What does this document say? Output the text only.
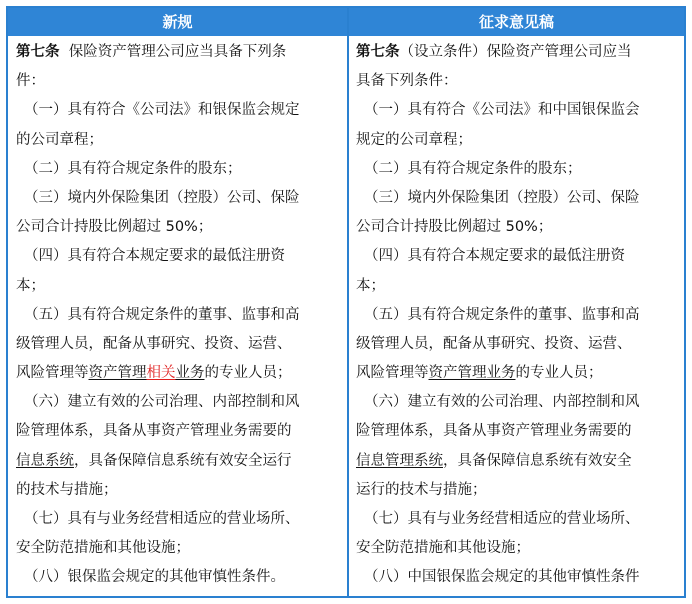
新规	征求意见稿
第七条 保险资产管理公司应当具备下列条
件：
（一）具有符合《公司法》和银保监会规定
的公司章程；
（二）具有符合规定条件的股东；
（三）境内外保险集团（控股）公司、保险
公司合计持股比例超过 50%；
（四）具有符合本规定要求的最低注册资
本；
（五）具有符合规定条件的董事、监事和高
级管理人员，配备从事研究、投资、运营、
风险管理等资产管理相关业务的专业人员；
（六）建立有效的公司治理、内部控制和风
险管理体系，具备从事资产管理业务需要的
信息系统，具备保障信息系统有效安全运行
的技术与措施；
（七）具有与业务经营相适应的营业场所、
安全防范措施和其他设施；
（八）银保监会规定的其他审慎性条件。
第七条（设立条件）保险资产管理公司应当
具备下列条件：
（一）具有符合《公司法》和中国银保监会
规定的公司章程；
（二）具有符合规定条件的股东；
（三）境内外保险集团（控股）公司、保险
公司合计持股比例超过 50%；
（四）具有符合本规定要求的最低注册资
本；
（五）具有符合规定条件的董事、监事和高
级管理人员，配备从事研究、投资、运营、
风险管理等资产管理业务的专业人员；
（六）建立有效的公司治理、内部控制和风
险管理体系，具备从事资产管理业务需要的
信息管理系统，具备保障信息系统有效安全
运行的技术与措施；
（七）具有与业务经营相适应的营业场所、
安全防范措施和其他设施；
（八）中国银保监会规定的其他审慎性条件
